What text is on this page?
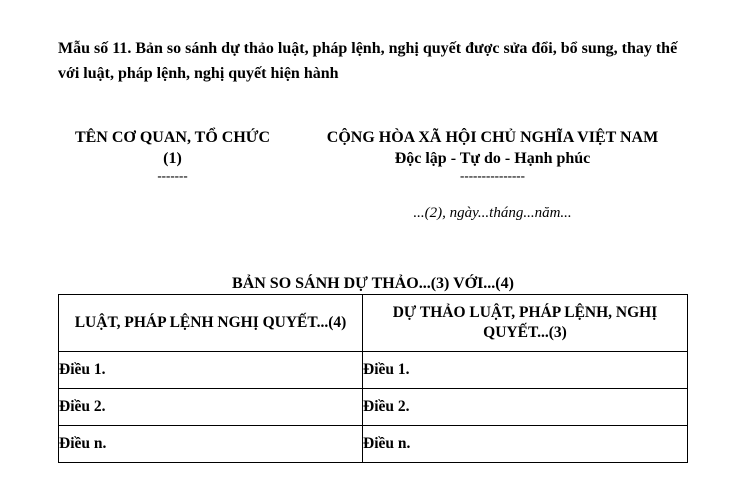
Mẫu số 11. Bản so sánh dự thảo luật, pháp lệnh, nghị quyết được sửa đổi, bổ sung, thay thế với luật, pháp lệnh, nghị quyết hiện hành
TÊN CƠ QUAN, TỔ CHỨC
(1)
-------
CỘNG HÒA XÃ HỘI CHỦ NGHĨA VIỆT NAM
Độc lập - Tự do - Hạnh phúc
---------------
...(2), ngày...tháng...năm...
BẢN SO SÁNH DỰ THẢO...(3) VỚI...(4)
LUẬT, PHÁP LỆNH NGHỊ QUYẾT...(4)	DỰ THẢO LUẬT, PHÁP LỆNH, NGHỊ QUYẾT...(3)
Điều 1.	Điều 1.
Điều 2.	Điều 2.
Điều n.	Điều n.
